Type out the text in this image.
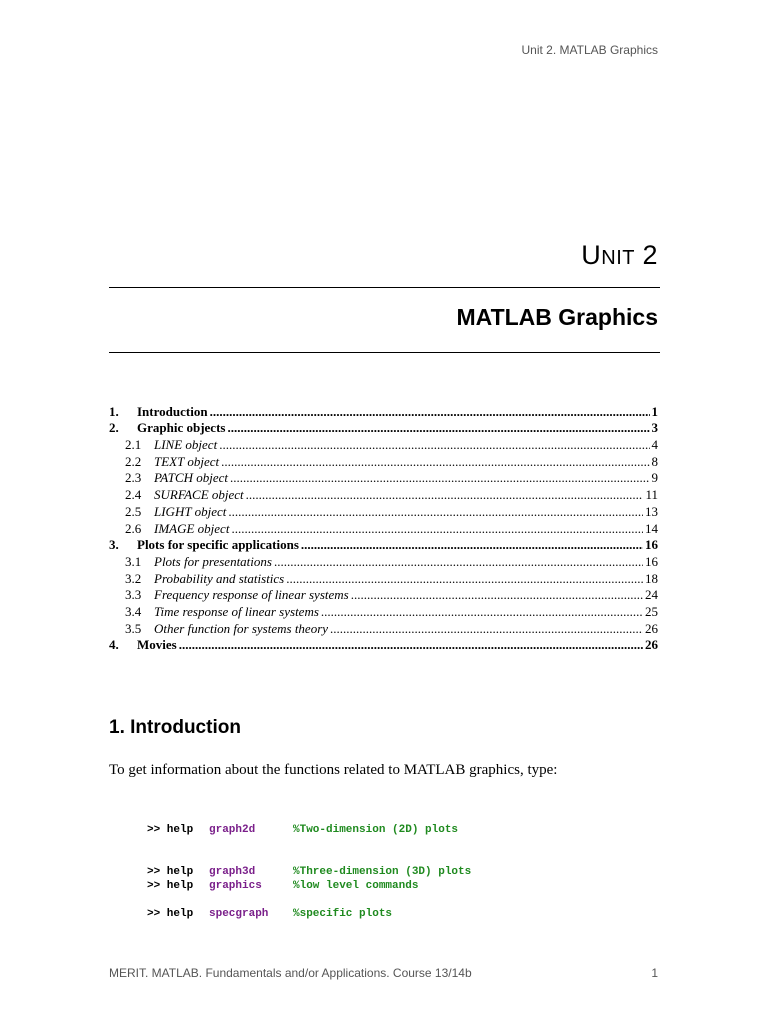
Unit 2. MATLAB Graphics
UNIT 2
MATLAB Graphics
1.	Introduction .....	1
2.	Graphic objects .....	3
2.1 LINE object .....	4
2.2 TEXT object .....	8
2.3 PATCH object .....	9
2.4 SURFACE object .....	11
2.5 LIGHT object .....	13
2.6 IMAGE object .....	14
3.	Plots for specific applications .....	16
3.1 Plots for presentations .....	16
3.2 Probability and statistics .....	18
3.3 Frequency response of linear systems .....	24
3.4 Time response of linear systems .....	25
3.5 Other function for systems theory .....	26
4.	Movies .....	26
1. Introduction
To get information about the functions related to MATLAB graphics, type:

>> help	graph2d	%Two-dimension (2D) plots

>> help	graph3d	%Three-dimension (3D) plots

>> help	specgraph	%specific plots

>> help	graphics	%low level commands

MERIT. MATLAB. Fundamentals and/or Applications. Course 13/14b	1
